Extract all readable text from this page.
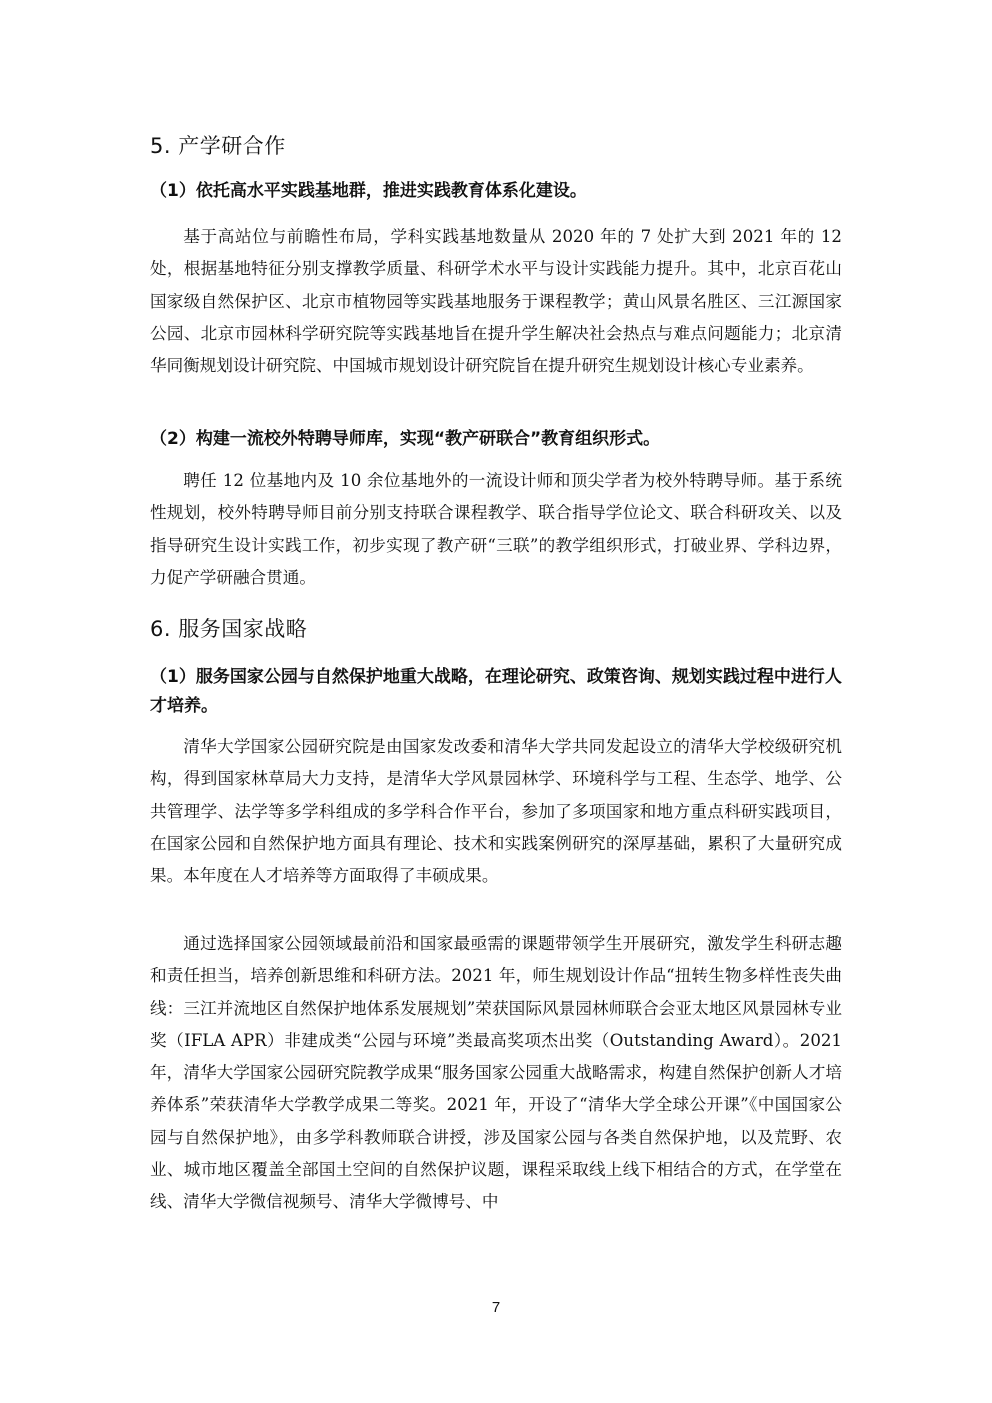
5. 产学研合作
（1）依托高水平实践基地群，推进实践教育体系化建设。
基于高站位与前瞻性布局，学科实践基地数量从 2020 年的 7 处扩大到 2021 年的 12 处，根据基地特征分别支撑教学质量、科研学术水平与设计实践能力提升。其中，北京百花山国家级自然保护区、北京市植物园等实践基地服务于课程教学；黄山风景名胜区、三江源国家公园、北京市园林科学研究院等实践基地旨在提升学生解决社会热点与难点问题能力；北京清华同衡规划设计研究院、中国城市规划设计研究院旨在提升研究生规划设计核心专业素养。
（2）构建一流校外特聘导师库，实现“教产研联合”教育组织形式。
聘任 12 位基地内及 10 余位基地外的一流设计师和顶尖学者为校外特聘导师。基于系统性规划，校外特聘导师目前分别支持联合课程教学、联合指导学位论文、联合科研攻关、以及指导研究生设计实践工作，初步实现了教产研“三联”的教学组织形式，打破业界、学科边界，力促产学研融合贯通。
6. 服务国家战略
（1）服务国家公园与自然保护地重大战略，在理论研究、政策咨询、规划实践过程中进行人才培养。
清华大学国家公园研究院是由国家发改委和清华大学共同发起设立的清华大学校级研究机构，得到国家林草局大力支持，是清华大学风景园林学、环境科学与工程、生态学、地学、公共管理学、法学等多学科组成的多学科合作平台，参加了多项国家和地方重点科研实践项目，在国家公园和自然保护地方面具有理论、技术和实践案例研究的深厚基础，累积了大量研究成果。本年度在人才培养等方面取得了丰硕成果。
通过选择国家公园领域最前沿和国家最亟需的课题带领学生开展研究，激发学生科研志趣和责任担当，培养创新思维和科研方法。2021 年，师生规划设计作品“扭转生物多样性丧失曲线：三江并流地区自然保护地体系发展规划”荣获国际风景园林师联合会亚太地区风景园林专业奖（IFLA APR）非建成类“公园与环境”类最高奖项杰出奖（Outstanding Award）。2021 年，清华大学国家公园研究院教学成果“服务国家公园重大战略需求，构建自然保护创新人才培养体系”荣获清华大学教学成果二等奖。2021 年，开设了“清华大学全球公开课”《中国国家公园与自然保护地》，由多学科教师联合讲授，涉及国家公园与各类自然保护地，以及荒野、农业、城市地区覆盖全部国土空间的自然保护议题，课程采取线上线下相结合的方式，在学堂在线、清华大学微信视频号、清华大学微博号、中
7
